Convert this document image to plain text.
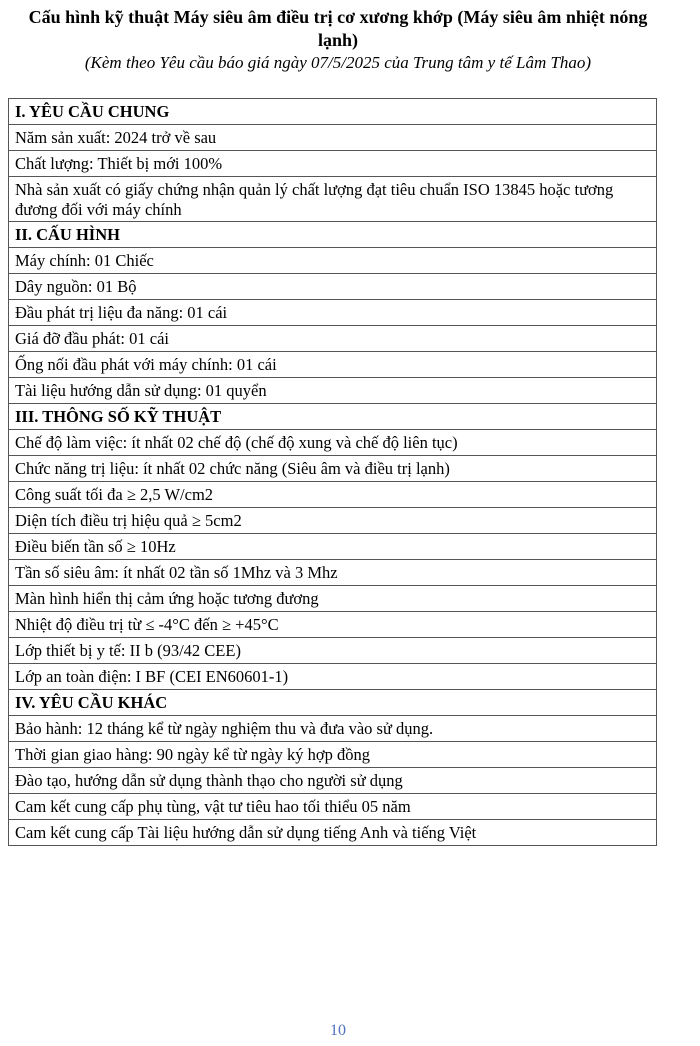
Cấu hình kỹ thuật Máy siêu âm điều trị cơ xương khớp (Máy siêu âm nhiệt nóng lạnh)
(Kèm theo Yêu cầu báo giá ngày 07/5/2025 của Trung tâm y tế Lâm Thao)
I. YÊU CẦU CHUNG
Năm sản xuất: 2024 trở về sau
Chất lượng: Thiết bị mới 100%
Nhà sản xuất có giấy chứng nhận quản lý chất lượng đạt tiêu chuẩn ISO 13845 hoặc tương đương đối với máy chính
II. CẤU HÌNH
Máy chính: 01 Chiếc
Dây nguồn: 01 Bộ
Đầu phát trị liệu đa năng: 01 cái
Giá đỡ đầu phát: 01 cái
Ống nối đầu phát với máy chính: 01 cái
Tài liệu hướng dẫn sử dụng: 01 quyển
III. THÔNG SỐ KỸ THUẬT
Chế độ làm việc: ít nhất 02 chế độ (chế độ xung và chế độ liên tục)
Chức năng trị liệu: ít nhất 02 chức năng (Siêu âm và điều trị lạnh)
Công suất tối đa ≥ 2,5 W/cm2
Diện tích điều trị hiệu quả ≥ 5cm2
Điều biến tần số ≥ 10Hz
Tần số siêu âm: ít nhất 02 tần số 1Mhz và 3 Mhz
Màn hình hiển thị cảm ứng hoặc tương đương
Nhiệt độ điều trị từ ≤ -4°C đến ≥ +45°C
Lớp thiết bị y tế: II b (93/42 CEE)
Lớp an toàn điện: I BF (CEI EN60601-1)
IV. YÊU CẦU KHÁC
Bảo hành: 12 tháng kể từ ngày nghiệm thu và đưa vào sử dụng.
Thời gian giao hàng: 90 ngày kể từ ngày ký hợp đồng
Đào tạo, hướng dẫn sử dụng thành thạo cho người sử dụng
Cam kết cung cấp phụ tùng, vật tư tiêu hao tối thiểu 05 năm
Cam kết cung cấp Tài liệu hướng dẫn sử dụng tiếng Anh và tiếng Việt
10
